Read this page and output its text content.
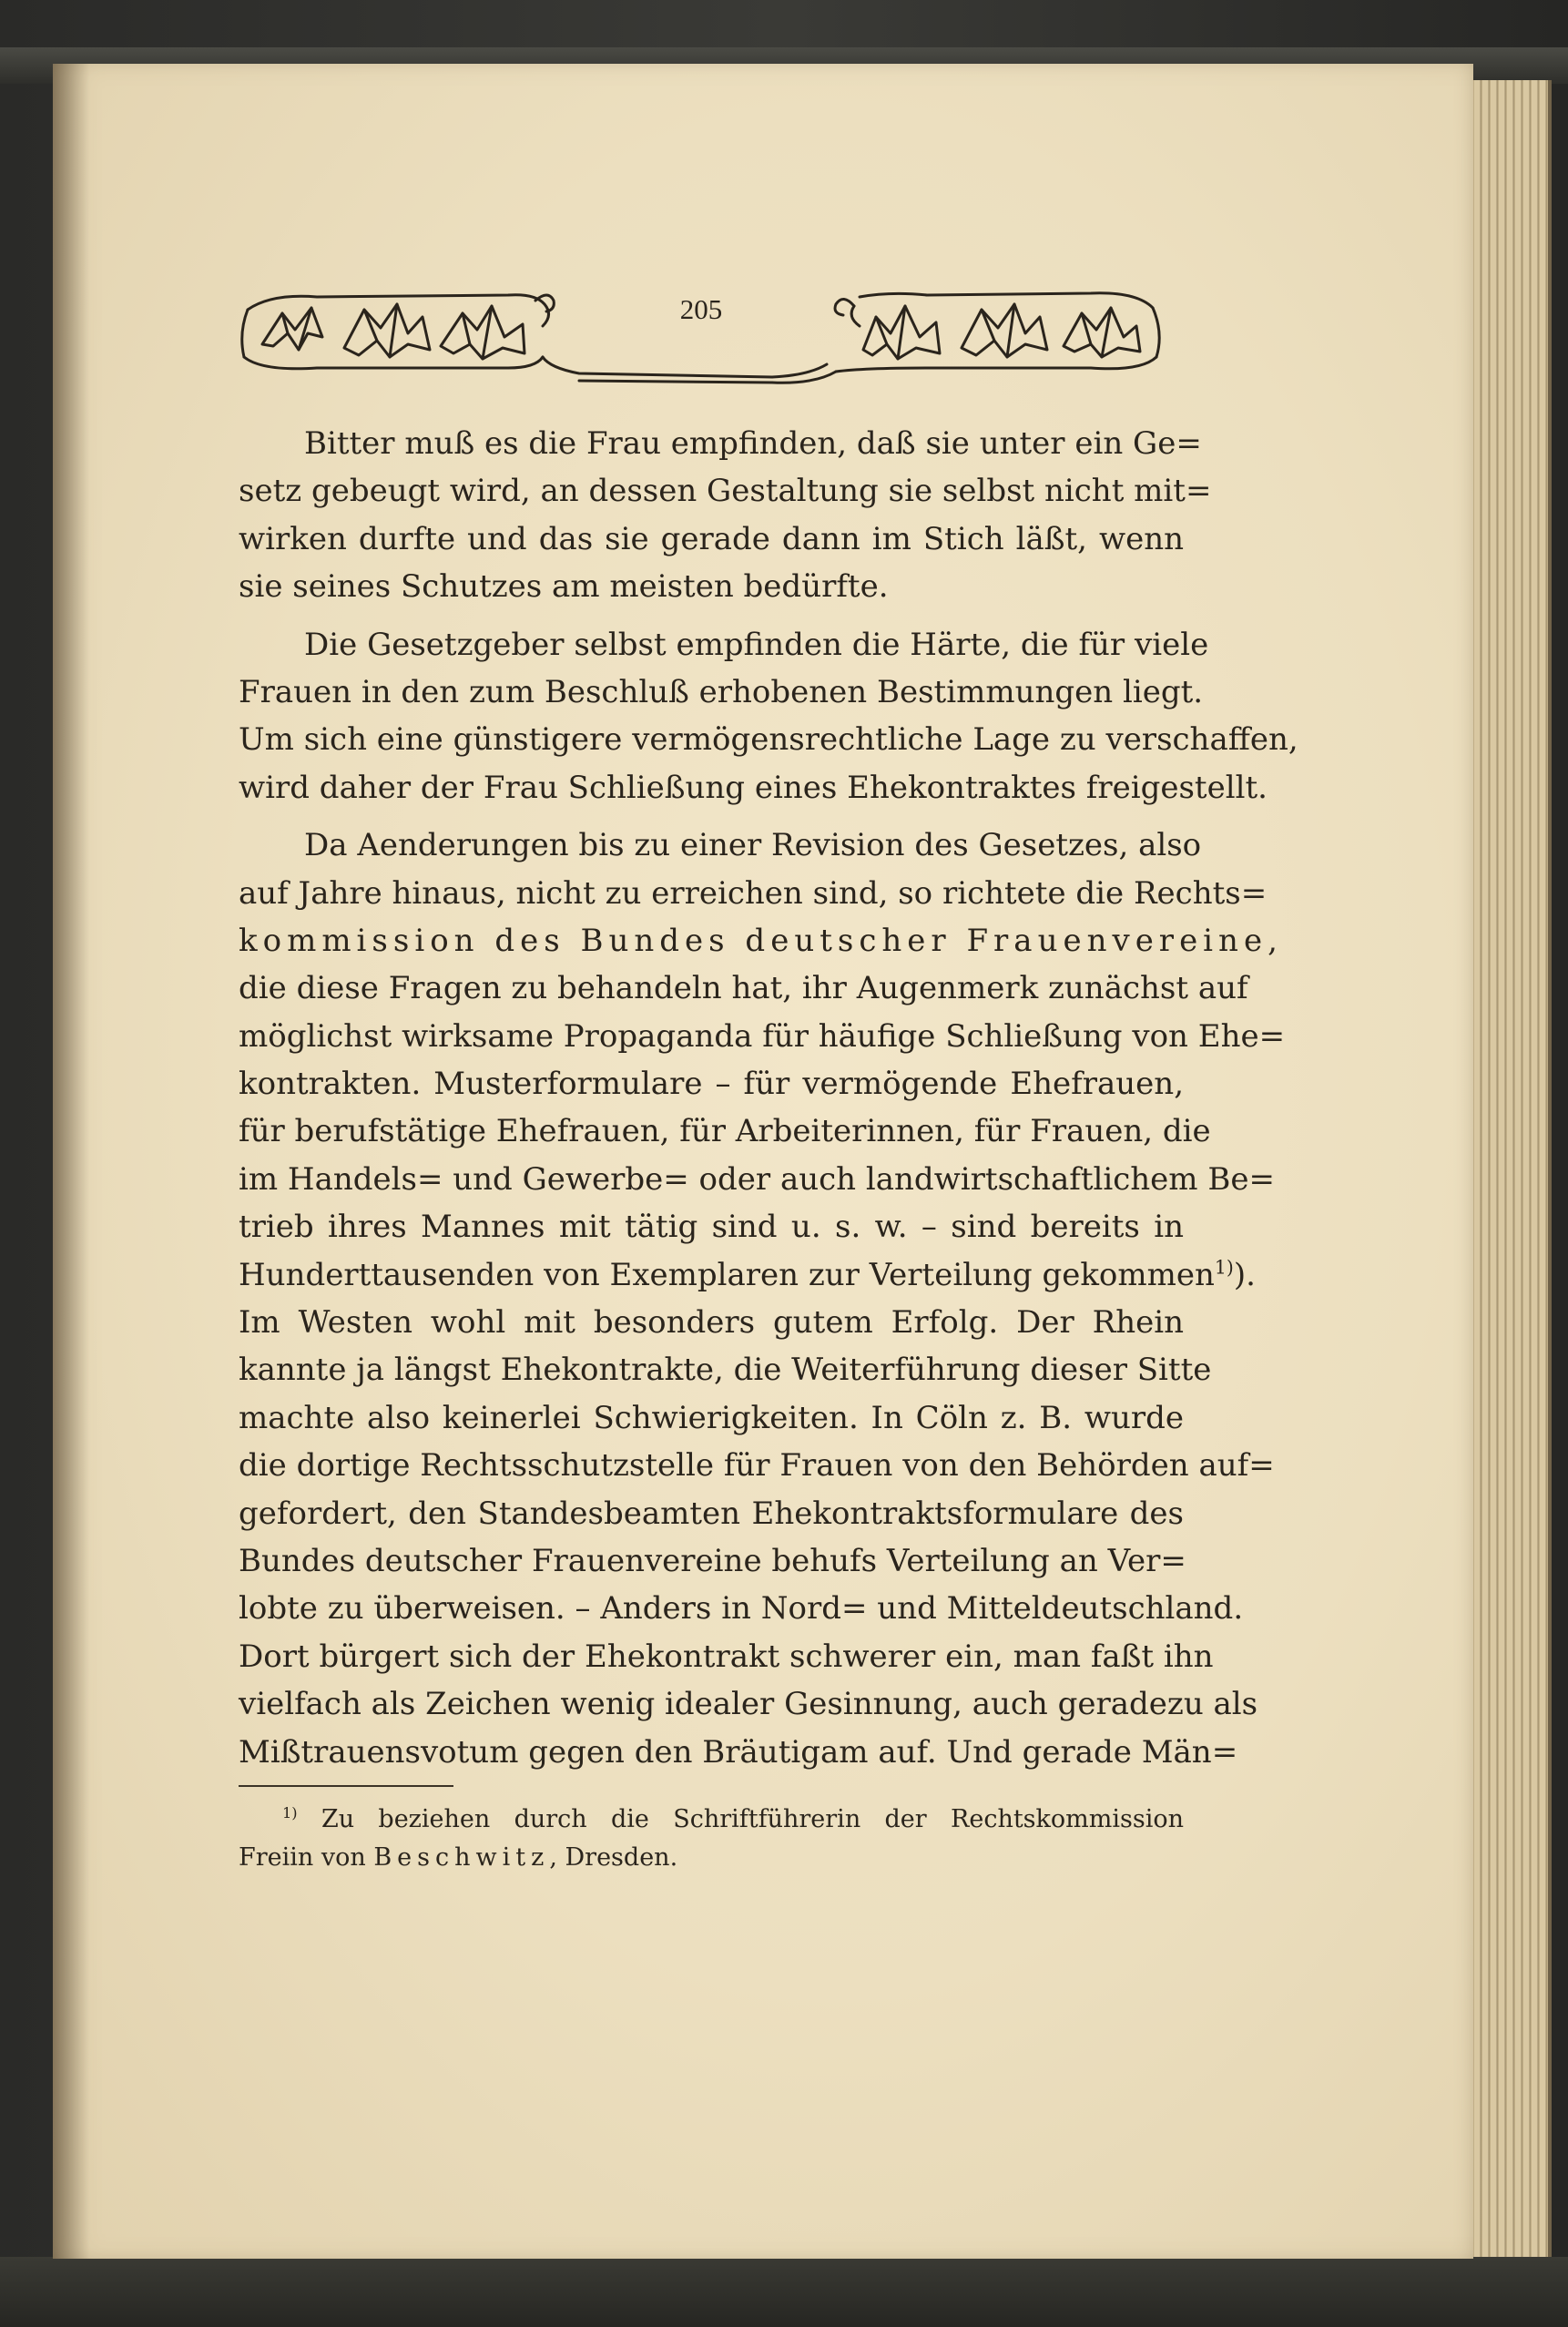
205
Bitter muß es die Frau empfinden, daß sie unter ein Ge=
setz gebeugt wird, an dessen Gestaltung sie selbst nicht mit=
wirken durfte und das sie gerade dann im Stich läßt, wenn
sie seines Schutzes am meisten bedürfte.
Die Gesetzgeber selbst empfinden die Härte, die für viele
Frauen in den zum Beschluß erhobenen Bestimmungen liegt.
Um sich eine günstigere vermögensrechtliche Lage zu verschaffen,
wird daher der Frau Schließung eines Ehekontraktes freigestellt.
Da Aenderungen bis zu einer Revision des Gesetzes, also
auf Jahre hinaus, nicht zu erreichen sind, so richtete die Rechts=
kommission des Bundes deutscher Frauenvereine,
die diese Fragen zu behandeln hat, ihr Augenmerk zunächst auf
möglichst wirksame Propaganda für häufige Schließung von Ehe=
kontrakten. Musterformulare – für vermögende Ehefrauen,
für berufstätige Ehefrauen, für Arbeiterinnen, für Frauen, die
im Handels= und Gewerbe= oder auch landwirtschaftlichem Be=
trieb ihres Mannes mit tätig sind u. s. w. – sind bereits in
Hunderttausenden von Exemplaren zur Verteilung gekommen$^{1)}$).
Im Westen wohl mit besonders gutem Erfolg. Der Rhein
kannte ja längst Ehekontrakte, die Weiterführung dieser Sitte
machte also keinerlei Schwierigkeiten. In Cöln z. B. wurde
die dortige Rechtsschutzstelle für Frauen von den Behörden auf=
gefordert, den Standesbeamten Ehekontraktsformulare des
Bundes deutscher Frauenvereine behufs Verteilung an Ver=
lobte zu überweisen. – Anders in Nord= und Mitteldeutschland.
Dort bürgert sich der Ehekontrakt schwerer ein, man faßt ihn
vielfach als Zeichen wenig idealer Gesinnung, auch geradezu als
Mißtrauensvotum gegen den Bräutigam auf. Und gerade Män=
$^{1)}$ Zu beziehen durch die Schriftführerin der Rechtskommission
Freiin von Beschwitz, Dresden.
